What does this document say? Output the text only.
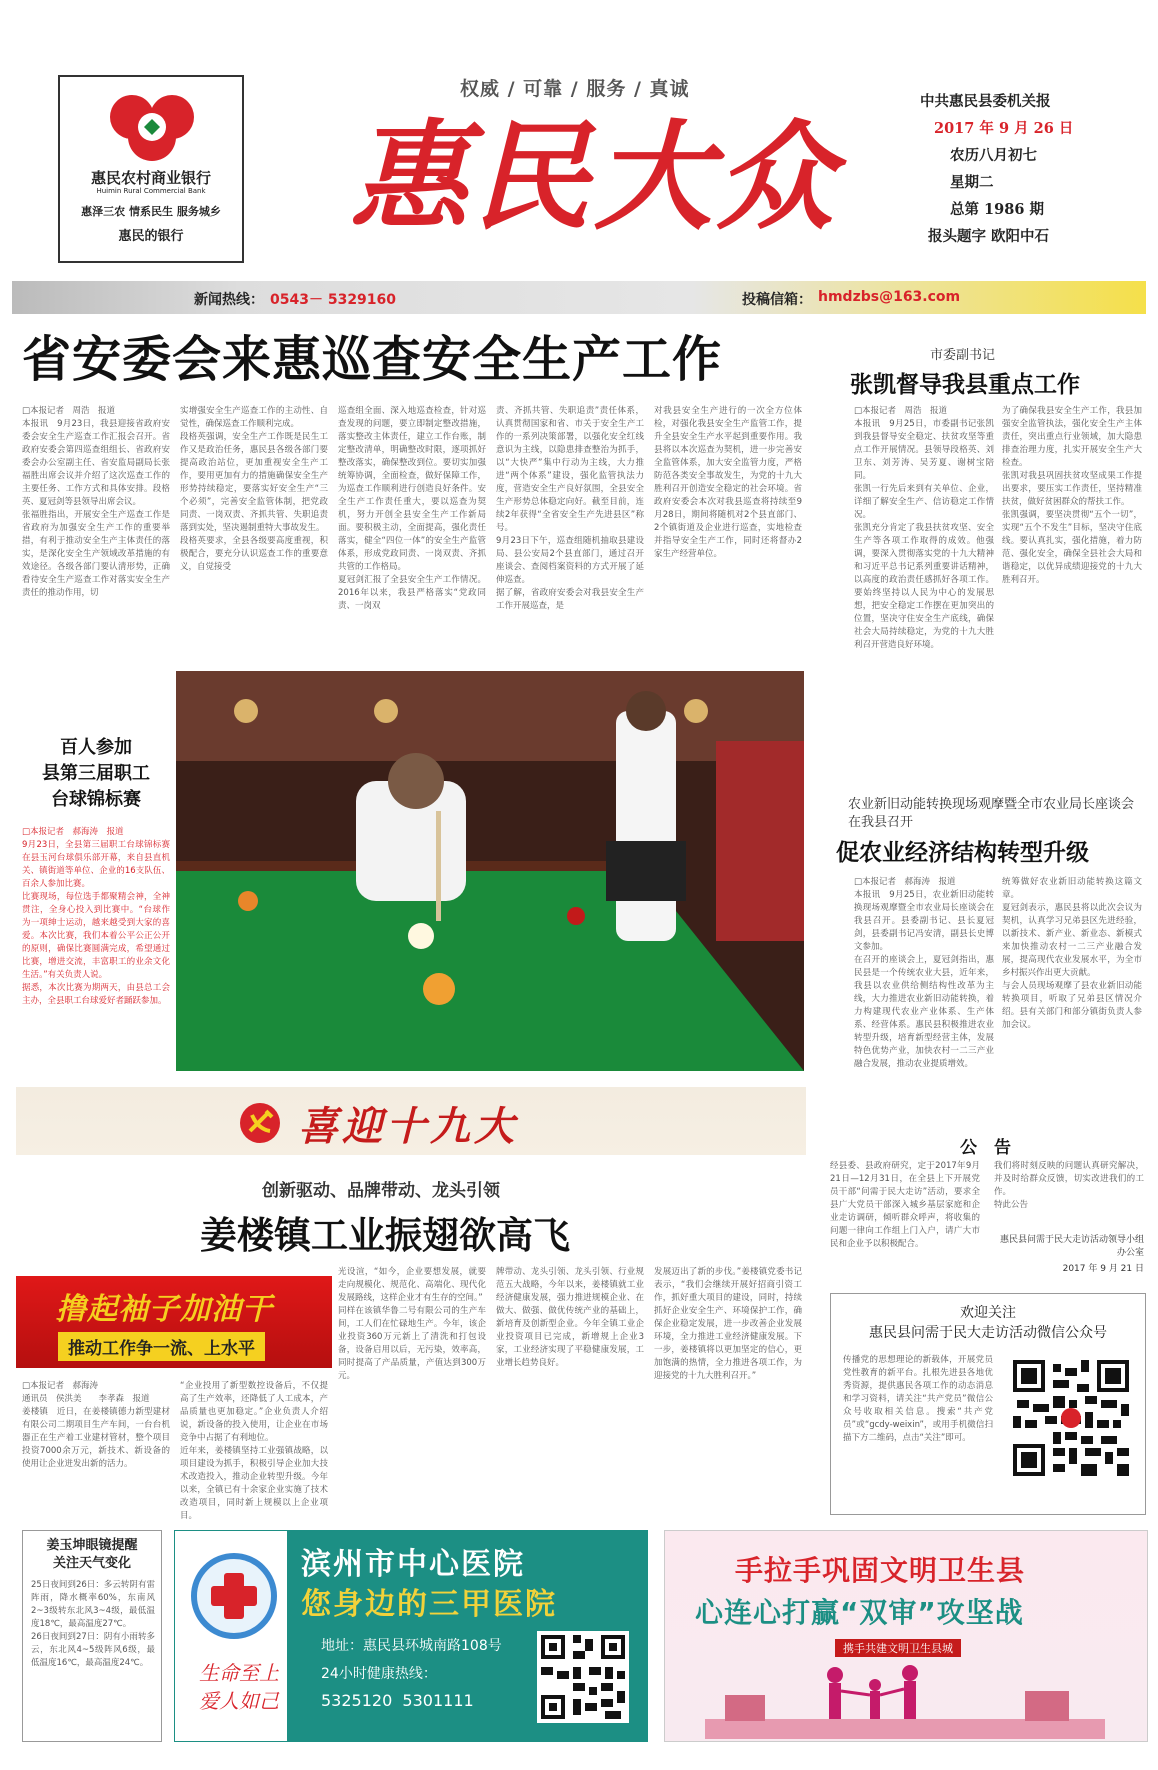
惠民农村商业银行
Huimin Rural Commercial Bank
惠泽三农 情系民生 服务城乡
惠民的银行
权威 / 可靠 / 服务 / 真诚
惠民大众
中共惠民县委机关报
2017 年 9 月 26 日
农历八月初七
星期二
总第 1986 期
报头题字 欧阳中石
新闻热线： 0543－ 5329160	投稿信箱： hmdzbs@163.com
省安委会来惠巡查安全生产工作
□本报记者　周浩　报道
本报讯　9月23日，我县迎接省政府安委会安全生产巡查工作汇报会召开。省政府安委会第四巡查组组长、省政府安委会办公室副主任、省安监局副局长张福胜出席会议并介绍了这次巡查工作的主要任务、工作方式和具体安排。段格英、夏冠剑等县领导出席会议。
张福胜指出，开展安全生产巡查工作是省政府为加强安全生产工作的重要举措，有利于推动安全生产主体责任的落实，是深化安全生产领域改革措施的有效途径。各级各部门要认清形势，正确看待安全生产巡查工作对落实安全生产责任的推动作用，切
实增强安全生产巡查工作的主动性、自觉性，确保巡查工作顺利完成。
段格英强调，安全生产工作既是民生工作又是政治任务，惠民县各级各部门要提高政治站位，更加重视安全生产工作，要用更加有力的措施确保安全生产形势持续稳定，要落实好安全生产“三个必须”，完善安全监管体制，把党政同责、一岗双责、齐抓共管、失职追责落到实处，坚决遏制重特大事故发生。
段格英要求，全县各级要高度重视，积极配合，要充分认识巡查工作的重要意义，自觉接受
巡查组全面、深入地巡查检查，针对巡查发现的问题，要立即制定整改措施，落实整改主体责任，建立工作台账，制定整改清单，明确整改时限，逐项抓好整改落实，确保整改到位。要切实加强统筹协调，全面检查，做好保障工作，为巡查工作顺利进行创造良好条件。安全生产工作责任重大，要以巡查为契机，努力开创全县安全生产工作新局面。要积极主动，全面提高，强化责任落实，健全“四位一体”的安全生产监管体系，形成党政同责、一岗双责、齐抓共管的工作格局。
夏冠剑汇报了全县安全生产工作情况。2016年以来，我县严格落实“党政同责、一岗双
责、齐抓共管、失职追责”责任体系，认真贯彻国家和省、市关于安全生产工作的一系列决策部署，以强化安全红线意识为主线，以隐患排查整治为抓手，以“大快严”集中行动为主线，大力推进“两个体系”建设，强化监管执法力度，营造安全生产良好氛围，全县安全生产形势总体稳定向好。截至目前，连续2年获得“全省安全生产先进县区”称号。
9月23日下午，巡查组随机抽取县建设局、县公安局2个县直部门，通过召开座谈会、查阅档案资料的方式开展了延伸巡查。
据了解，省政府安委会对我县安全生产工作开展巡查，是
对我县安全生产进行的一次全方位体检，对强化我县安全生产监管工作，提升全县安全生产水平起到重要作用。我县将以本次巡查为契机，进一步完善安全监管体系，加大安全监管力度，严格防范各类安全事故发生，为党的十九大胜利召开创造安全稳定的社会环境。省政府安委会本次对我县巡查将持续至9月28日，期间将随机对2个县直部门、2个镇街道及企业进行巡查，实地检查并指导安全生产工作，同时还将督办2家生产经营单位。
市委副书记
张凯督导我县重点工作
□本报记者　周浩　报道
本报讯　9月25日，市委副书记张凯到我县督导安全稳定、扶贫攻坚等重点工作开展情况。县领导段格英、刘卫东、刘芳涛、吴芳夏、谢树宝陪同。
张凯一行先后来到有关单位、企业，详细了解安全生产、信访稳定工作情况。
张凯充分肯定了我县扶贫攻坚、安全生产等各项工作取得的成效。他强调，要深入贯彻落实党的十九大精神和习近平总书记系列重要讲话精神，以高度的政治责任感抓好各项工作。要始终坚持以人民为中心的发展思想，把安全稳定工作摆在更加突出的位置，坚决守住安全生产底线，确保社会大局持续稳定，为党的十九大胜利召开营造良好环境。
为了确保我县安全生产工作，我县加强安全监管执法，强化安全生产主体责任，突出重点行业领域，加大隐患排查治理力度，扎实开展安全生产大检查。
张凯对我县巩固扶贫攻坚成果工作提出要求，要压实工作责任，坚持精准扶贫，做好贫困群众的帮扶工作。
张凯强调，要坚决贯彻“五个一切”，实现“五个不发生”目标，坚决守住底线。要认真扎实，强化措施，着力防范、强化安全，确保全县社会大局和谐稳定，以优异成绩迎接党的十九大胜利召开。
百人参加
县第三届职工
台球锦标赛
□本报记者　郝海涛　报道
9月23日，全县第三届职工台球锦标赛在县玉河台球俱乐部开幕，来自县直机关、镇街道等单位、企业的16支队伍、百余人参加比赛。
比赛现场，每位选手都聚精会神，全神贯注，全身心投入到比赛中。“台球作为一项绅士运动，越来越受到大家的喜爱。本次比赛，我们本着公平公正公开的原则，确保比赛圆满完成，希望通过比赛，增进交流，丰富职工的业余文化生活。”有关负责人说。
据悉，本次比赛为期两天，由县总工会主办，全县职工台球爱好者踊跃参加。
农业新旧动能转换现场观摩暨全市农业局长座谈会在我县召开
促农业经济结构转型升级
□本报记者　郝海涛　报道
本报讯　9月25日，农业新旧动能转换现场观摩暨全市农业局长座谈会在我县召开。县委副书记、县长夏冠剑，县委副书记冯安清，副县长史博文参加。
在召开的座谈会上，夏冠剑指出，惠民县是一个传统农业大县，近年来，我县以农业供给侧结构性改革为主线，大力推进农业新旧动能转换，着力构建现代农业产业体系、生产体系、经营体系。惠民县积极推进农业转型升级，培育新型经营主体，发展特色优势产业，加快农村一二三产业融合发展，推动农业提质增效。
统筹做好农业新旧动能转换这篇文章。
夏冠剑表示，惠民县将以此次会议为契机，认真学习兄弟县区先进经验，以新技术、新产业、新业态、新模式来加快推动农村一二三产业融合发展，提高现代农业发展水平，为全市乡村振兴作出更大贡献。
与会人员现场观摩了县农业新旧动能转换项目，听取了兄弟县区情况介绍。县有关部门和部分镇街负责人参加会议。
喜迎十九大	公　告
经县委、县政府研究，定于2017年9月21日—12月31日，在全县上下开展党员干部“问需于民大走访”活动，要求全县广大党员干部深入城乡基层家庭和企业走访调研，倾听群众呼声，将收集的问题一律向工作组上门入户，请广大市民和企业予以积极配合。
我们将时刻反映的问题认真研究解决，并及时给群众反馈，切实改进我们的工作。
特此公告
惠民县问需于民大走访活动领导小组办公室
2017 年 9 月 21 日
创新驱动、品牌带动、龙头引领
姜楼镇工业振翅欲高飞
撸起袖子加油干
推动工作争一流、上水平
□本报记者　郝海涛
通讯员　侯洪美　　李孝森　报道
姜楼镇　近日，在姜楼镇德力新型建材有限公司二期项目生产车间，一台台机器正在生产着工业建材管材，整个项目投资7000余万元，新技术、新设备的使用让企业迸发出新的活力。
“企业投用了新型数控设备后，不仅提高了生产效率，还降低了人工成本，产品质量也更加稳定。”企业负责人介绍说，新设备的投入使用，让企业在市场竞争中占据了有利地位。
近年来，姜楼镇坚持工业强镇战略，以项目建设为抓手，积极引导企业加大技术改造投入，推动企业转型升级。今年以来，全镇已有十余家企业实施了技术改造项目，同时新上规模以上企业项目。
光设渲，“如今，企业要想发展，就要走向规模化、规范化、高端化、现代化发展路线，这样企业才有生存的空间。”
同样在该镇华鲁二号有限公司的生产车间，工人们在忙碌地生产。今年，该企业投资360万元新上了清洗和打包设备，设备启用以后，无污染，效率高，同时提高了产品质量，产值达到300万元。
牌带动、龙头引领、龙头引领、行业规范五大战略，今年以来，姜楼镇就工业经济健康发展，强力推进规模企业、在做大、做强、做优传统产业的基础上，新培育及创新型企业。今年全镇工业企业投资项目已完成，新增规上企业3家，工业经济实现了平稳健康发展，工业增长趋势良好。
发展迈出了新的步伐。”姜楼镇党委书记表示，“我们会继续开展好招商引资工作，抓好重大项目的建设，同时，持续抓好企业安全生产、环境保护工作，确保企业稳定发展，进一步改善企业发展环境，全力推进工业经济健康发展。下一步，姜楼镇将以更加坚定的信心，更加饱满的热情，全力推进各项工作，为迎接党的十九大胜利召开。”
欢迎关注
惠民县问需于民大走访活动微信公众号
传播党的思想理论的新载体，开展党员党性教育的新平台。扎根先进县各地优秀资源，提供惠民各项工作的动态消息和学习资料，请关注“共产党员”微信公众号收取相关信息。搜索“共产党员”或“gcdy-weixin”，或用手机微信扫描下方二维码，点击“关注”即可。
姜玉坤眼镜提醒
关注天气变化
25日夜间到26日：多云转阴有雷阵雨，降水概率60%，东南风2~3级转东北风3~4级，最低温度18℃，最高温度27℃。
26日夜间到27日：阴有小雨转多云，东北风4~5级阵风6级，最低温度16℃，最高温度24℃。	生命至上
爱人如己
滨州市中心医院
您身边的三甲医院
地址：惠民县环城南路108号
24小时健康热线：
5325120  5301111
手拉手巩固文明卫生县
心连心打赢“双审”攻坚战
携手共建文明卫生县城
